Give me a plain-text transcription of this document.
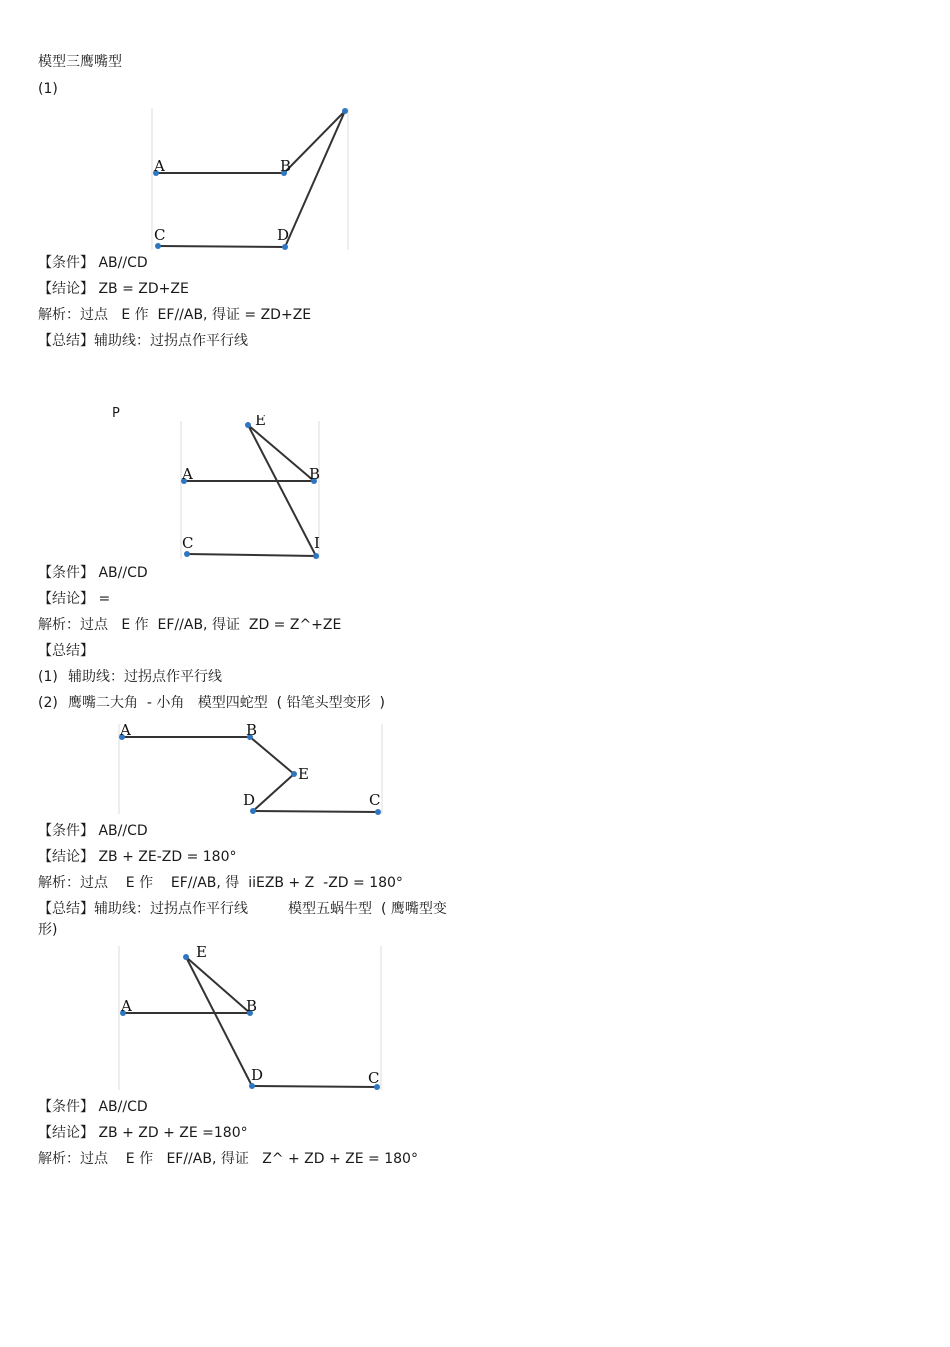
模型三鹰嘴型
(1)
A	B
C	D
【条件】 AB//CD
【结论】 ZB = ZD+ZE
解析：过点   E 作  EF//AB, 得证 = ZD+ZE
【总结】辅助线：过拐点作平行线
P	E
A	B
C	I
【条件】 AB//CD
【结论】 =
解析：过点   E 作  EF//AB, 得证  ZD = Z^+ZE
【总结】
(1) 辅助线：过拐点作平行线
(2) 鹰嘴二大角  - 小角   模型四蛇型  ( 铅笔头型变形  )
A	B
E
D	C
【条件】 AB//CD
【结论】 ZB + ZE-ZD = 180°
解析：过点    E 作    EF//AB, 得  iiEZB + Z  -ZD = 180°
【总结】辅助线：过拐点作平行线         模型五蜗牛型  ( 鹰嘴型变
形)
E
A	B
D	C
【条件】 AB//CD
【结论】 ZB + ZD + ZE =180°
解析：过点    E 作   EF//AB, 得证   Z^ + ZD + ZE = 180°
